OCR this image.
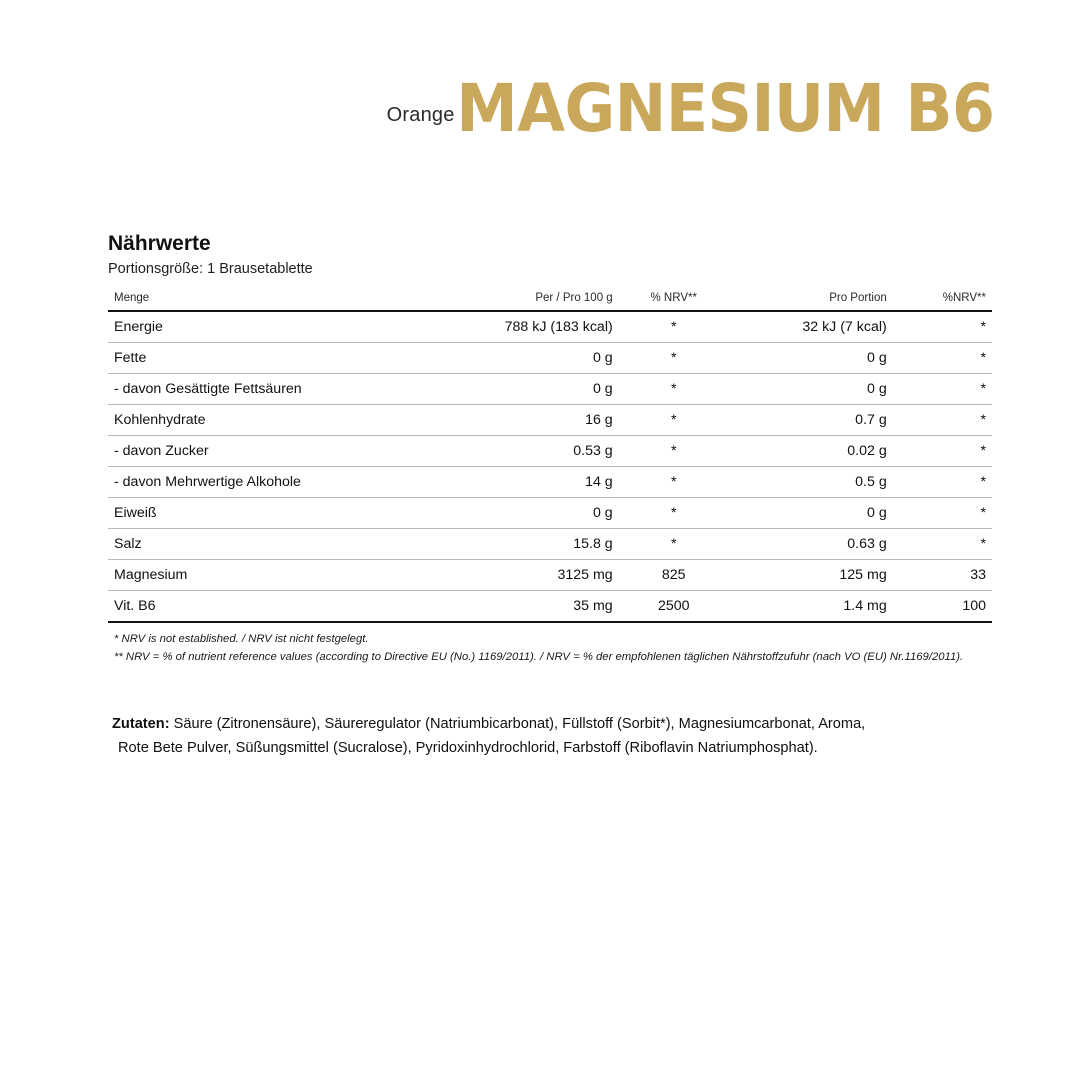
Orange MAGNESIUM B6
Nährwerte

Portionsgröße: 1 Brausetablette

Menge	Per / Pro 100 g	% NRV**	Pro Portion	%NRV**
Energie	788 kJ (183 kcal)	*	32 kJ (7 kcal)	*
Fette	0 g	*	0 g	*
- davon Gesättigte Fettsäuren	0 g	*	0 g	*
Kohlenhydrate	16 g	*	0.7 g	*
- davon Zucker	0.53 g	*	0.02 g	*
- davon Mehrwertige Alkohole	14 g	*	0.5 g	*
Eiweiß	0 g	*	0 g	*
Salz	15.8 g	*	0.63 g	*
Magnesium	3125 mg	825	125 mg	33
Vit. B6	35 mg	2500	1.4 mg	100
* NRV is not established. / NRV ist nicht festgelegt.
** NRV = % of nutrient reference values (according to Directive EU (No.) 1169/2011). / NRV = % der empfohlenen täglichen Nährstoffzufuhr (nach VO (EU) Nr.1169/2011).
Zutaten: Säure (Zitronensäure), Säureregulator (Natriumbicarbonat), Füllstoff (Sorbit*), Magnesiumcarbonat, Aroma,
Rote Bete Pulver, Süßungsmittel (Sucralose), Pyridoxinhydrochlorid, Farbstoff (Riboflavin Natriumphosphat).
